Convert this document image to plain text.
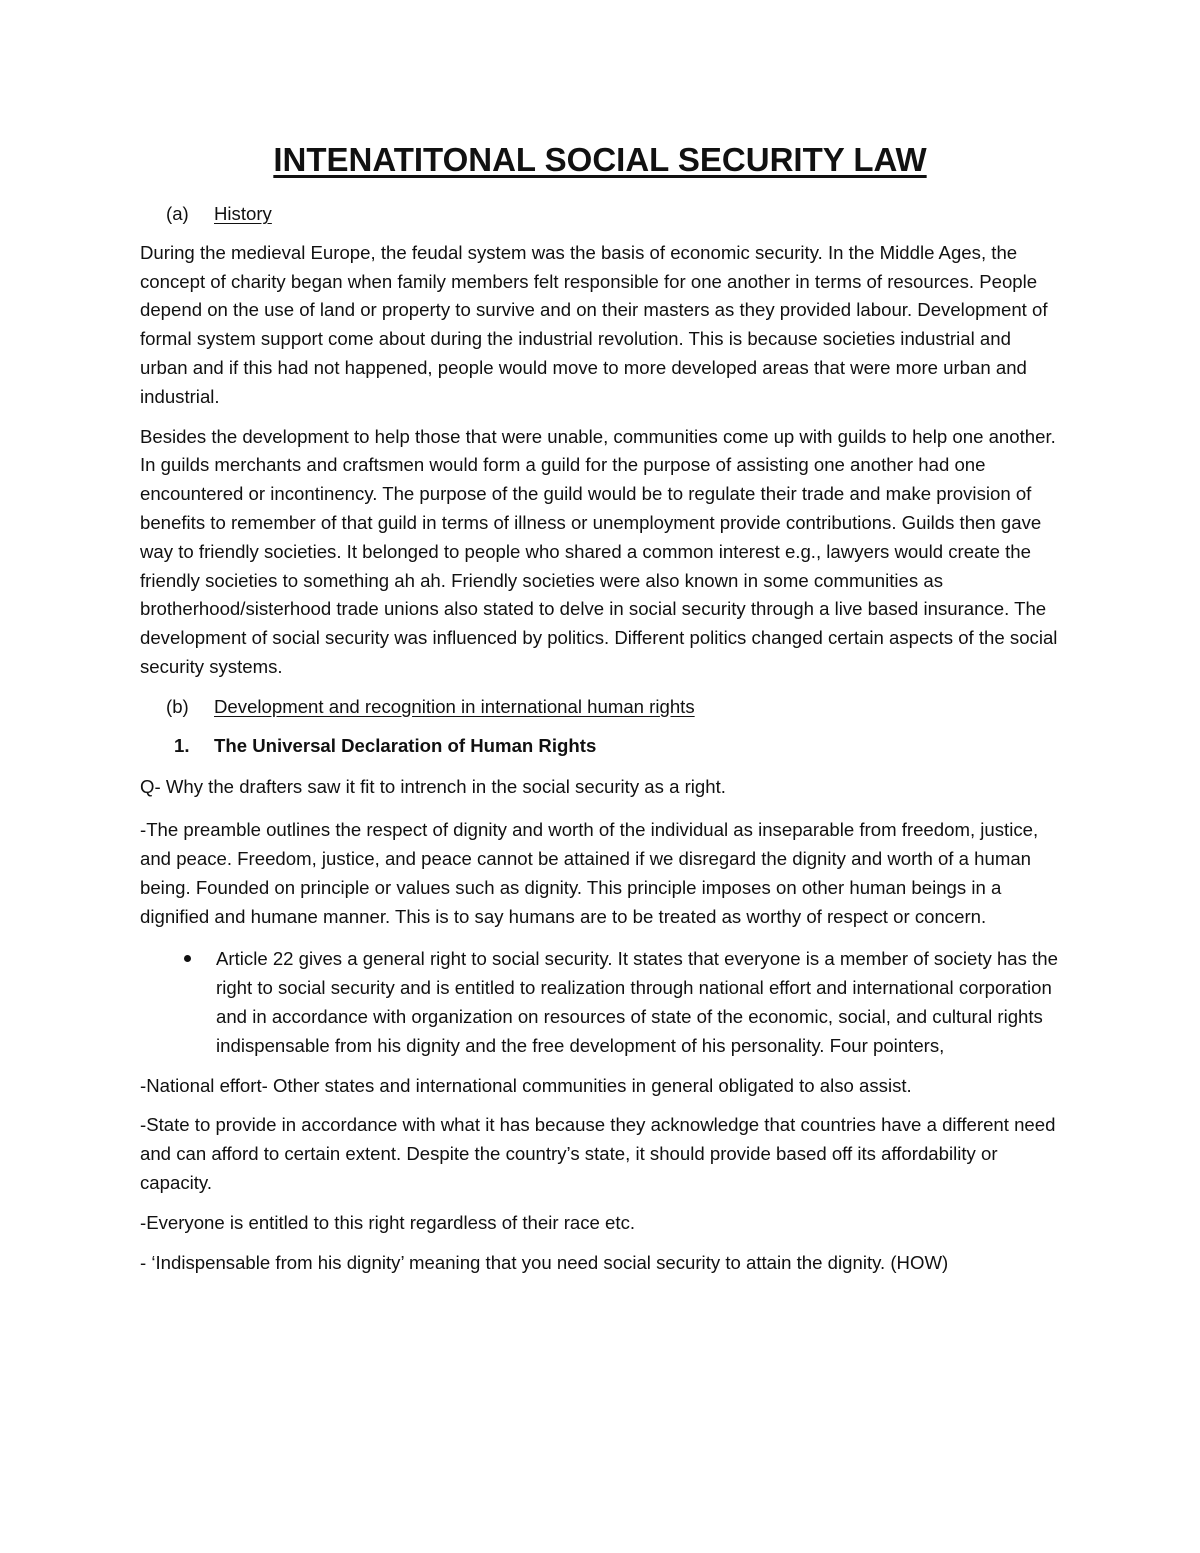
INTENATITONAL SOCIAL SECURITY LAW
(a)	History

During the medieval Europe, the feudal system was the basis of economic security. In the Middle Ages, the concept of charity began when family members felt responsible for one another in terms of resources. People depend on the use of land or property to survive and on their masters as they provided labour. Development of formal system support come about during the industrial revolution. This is because societies industrial and urban and if this had not happened, people would move to more developed areas that were more urban and industrial.

Besides the development to help those that were unable, communities come up with guilds to help one another. In guilds merchants and craftsmen would form a guild for the purpose of assisting one another had one encountered or incontinency. The purpose of the guild would be to regulate their trade and make provision of benefits to remember of that guild in terms of illness or unemployment provide contributions. Guilds then gave way to friendly societies. It belonged to people who shared a common interest e.g., lawyers would create the friendly societies to something ah ah. Friendly societies were also known in some communities as brotherhood/sisterhood trade unions also stated to delve in social security through a live based insurance. The development of social security was influenced by politics. Different politics changed certain aspects of the social security systems.

(b)	Development and recognition in international human rights
1.	The Universal Declaration of Human Rights

Q- Why the drafters saw it fit to intrench in the social security as a right.

-The preamble outlines the respect of dignity and worth of the individual as inseparable from freedom, justice, and peace. Freedom, justice, and peace cannot be attained if we disregard the dignity and worth of a human being. Founded on principle or values such as dignity. This principle imposes on other human beings in a dignified and humane manner. This is to say humans are to be treated as worthy of respect or concern.

Article 22 gives a general right to social security. It states that everyone is a member of society has the right to social security and is entitled to realization through national effort and international corporation and in accordance with organization on resources of state of the economic, social, and cultural rights indispensable from his dignity and the free development of his personality. Four pointers,

-National effort- Other states and international communities in general obligated to also assist.

-State to provide in accordance with what it has because they acknowledge that countries have a different need and can afford to certain extent. Despite the country’s state, it should provide based off its affordability or capacity.

-Everyone is entitled to this right regardless of their race etc.

- ‘Indispensable from his dignity’ meaning that you need social security to attain the dignity. (HOW)
